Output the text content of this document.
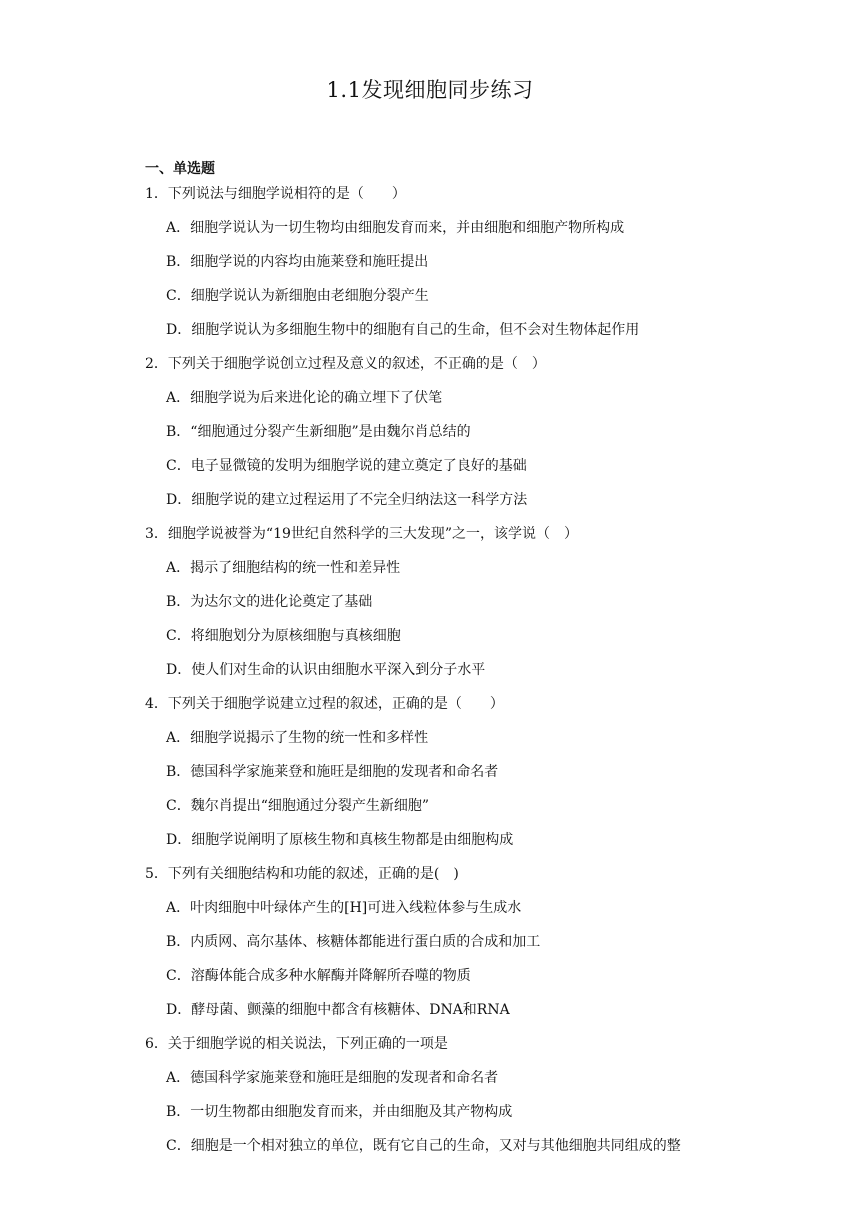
1.1发现细胞同步练习
一、单选题
1．下列说法与细胞学说相符的是（　　）
A．细胞学说认为一切生物均由细胞发育而来，并由细胞和细胞产物所构成
B．细胞学说的内容均由施莱登和施旺提出
C．细胞学说认为新细胞由老细胞分裂产生
D．细胞学说认为多细胞生物中的细胞有自己的生命，但不会对生物体起作用
2．下列关于细胞学说创立过程及意义的叙述，不正确的是（　）
A．细胞学说为后来进化论的确立埋下了伏笔
B．“细胞通过分裂产生新细胞”是由魏尔肖总结的
C．电子显微镜的发明为细胞学说的建立奠定了良好的基础
D．细胞学说的建立过程运用了不完全归纳法这一科学方法
3．细胞学说被誉为“19世纪自然科学的三大发现”之一，该学说（　）
A．揭示了细胞结构的统一性和差异性
B．为达尔文的进化论奠定了基础
C．将细胞划分为原核细胞与真核细胞
D．使人们对生命的认识由细胞水平深入到分子水平
4．下列关于细胞学说建立过程的叙述，正确的是（　　）
A．细胞学说揭示了生物的统一性和多样性
B．德国科学家施莱登和施旺是细胞的发现者和命名者
C．魏尔肖提出“细胞通过分裂产生新细胞”
D．细胞学说阐明了原核生物和真核生物都是由细胞构成
5．下列有关细胞结构和功能的叙述，正确的是(　)
A．叶肉细胞中叶绿体产生的[H]可进入线粒体参与生成水
B．内质网、高尔基体、核糖体都能进行蛋白质的合成和加工
C．溶酶体能合成多种水解酶并降解所吞噬的物质
D．酵母菌、颤藻的细胞中都含有核糖体、DNA和RNA
6．关于细胞学说的相关说法，下列正确的一项是
A．德国科学家施莱登和施旺是细胞的发现者和命名者
B．一切生物都由细胞发育而来，并由细胞及其产物构成
C．细胞是一个相对独立的单位，既有它自己的生命，又对与其他细胞共同组成的整
